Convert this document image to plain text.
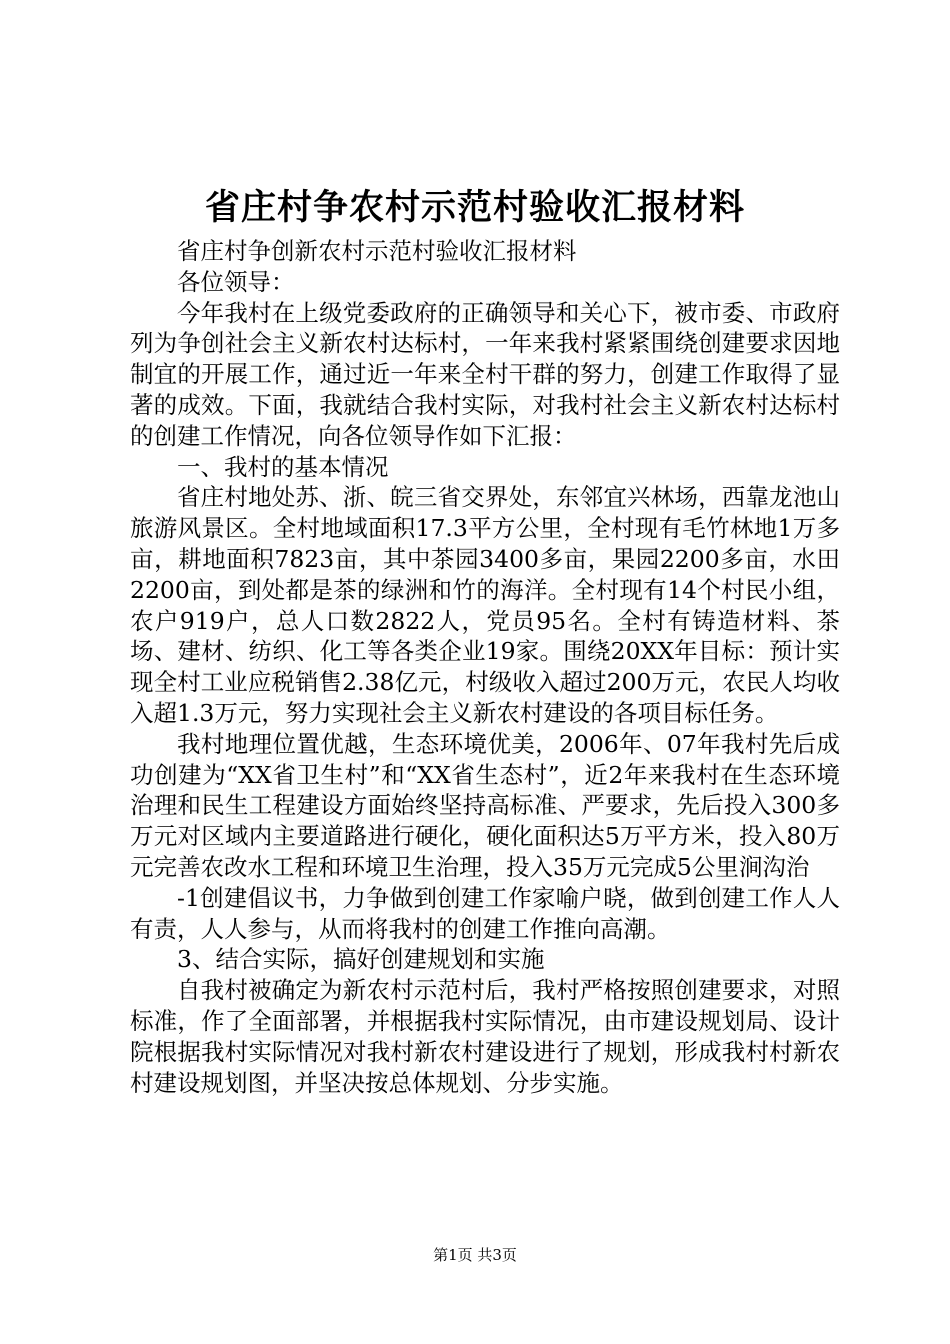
省庄村争农村示范村验收汇报材料

省庄村争创新农村示范村验收汇报材料

各位领导：

今年我村在上级党委政府的正确领导和关心下，被市委、市政府列为争创社会主义新农村达标村，一年来我村紧紧围绕创建要求因地制宜的开展工作，通过近一年来全村干群的努力，创建工作取得了显著的成效。下面，我就结合我村实际，对我村社会主义新农村达标村的创建工作情况，向各位领导作如下汇报：

一、我村的基本情况

省庄村地处苏、浙、皖三省交界处，东邻宜兴林场，西靠龙池山旅游风景区。全村地域面积17.3平方公里，全村现有毛竹林地1万多亩，耕地面积7823亩，其中茶园3400多亩，果园2200多亩，水田2200亩，到处都是茶的绿洲和竹的海洋。全村现有14个村民小组，农户919户，总人口数2822人，党员95名。全村有铸造材料、茶场、建材、纺织、化工等各类企业19家。围绕20XX年目标：预计实现全村工业应税销售2.38亿元，村级收入超过200万元，农民人均收入超1.3万元，努力实现社会主义新农村建设的各项目标任务。

我村地理位置优越，生态环境优美，2006年、07年我村先后成功创建为“XX省卫生村”和“XX省生态村”，近2年来我村在生态环境治理和民生工程建设方面始终坚持高标准、严要求，先后投入300多万元对区域内主要道路进行硬化，硬化面积达5万平方米，投入80万元完善农改水工程和环境卫生治理，投入35万元完成5公里涧沟治

-1创建倡议书，力争做到创建工作家喻户晓，做到创建工作人人有责，人人参与，从而将我村的创建工作推向高潮。

3、结合实际，搞好创建规划和实施

自我村被确定为新农村示范村后，我村严格按照创建要求，对照标准，作了全面部署，并根据我村实际情况，由市建设规划局、设计院根据我村实际情况对我村新农村建设进行了规划，形成我村村新农村建设规划图，并坚决按总体规划、分步实施。

第1页 共3页
